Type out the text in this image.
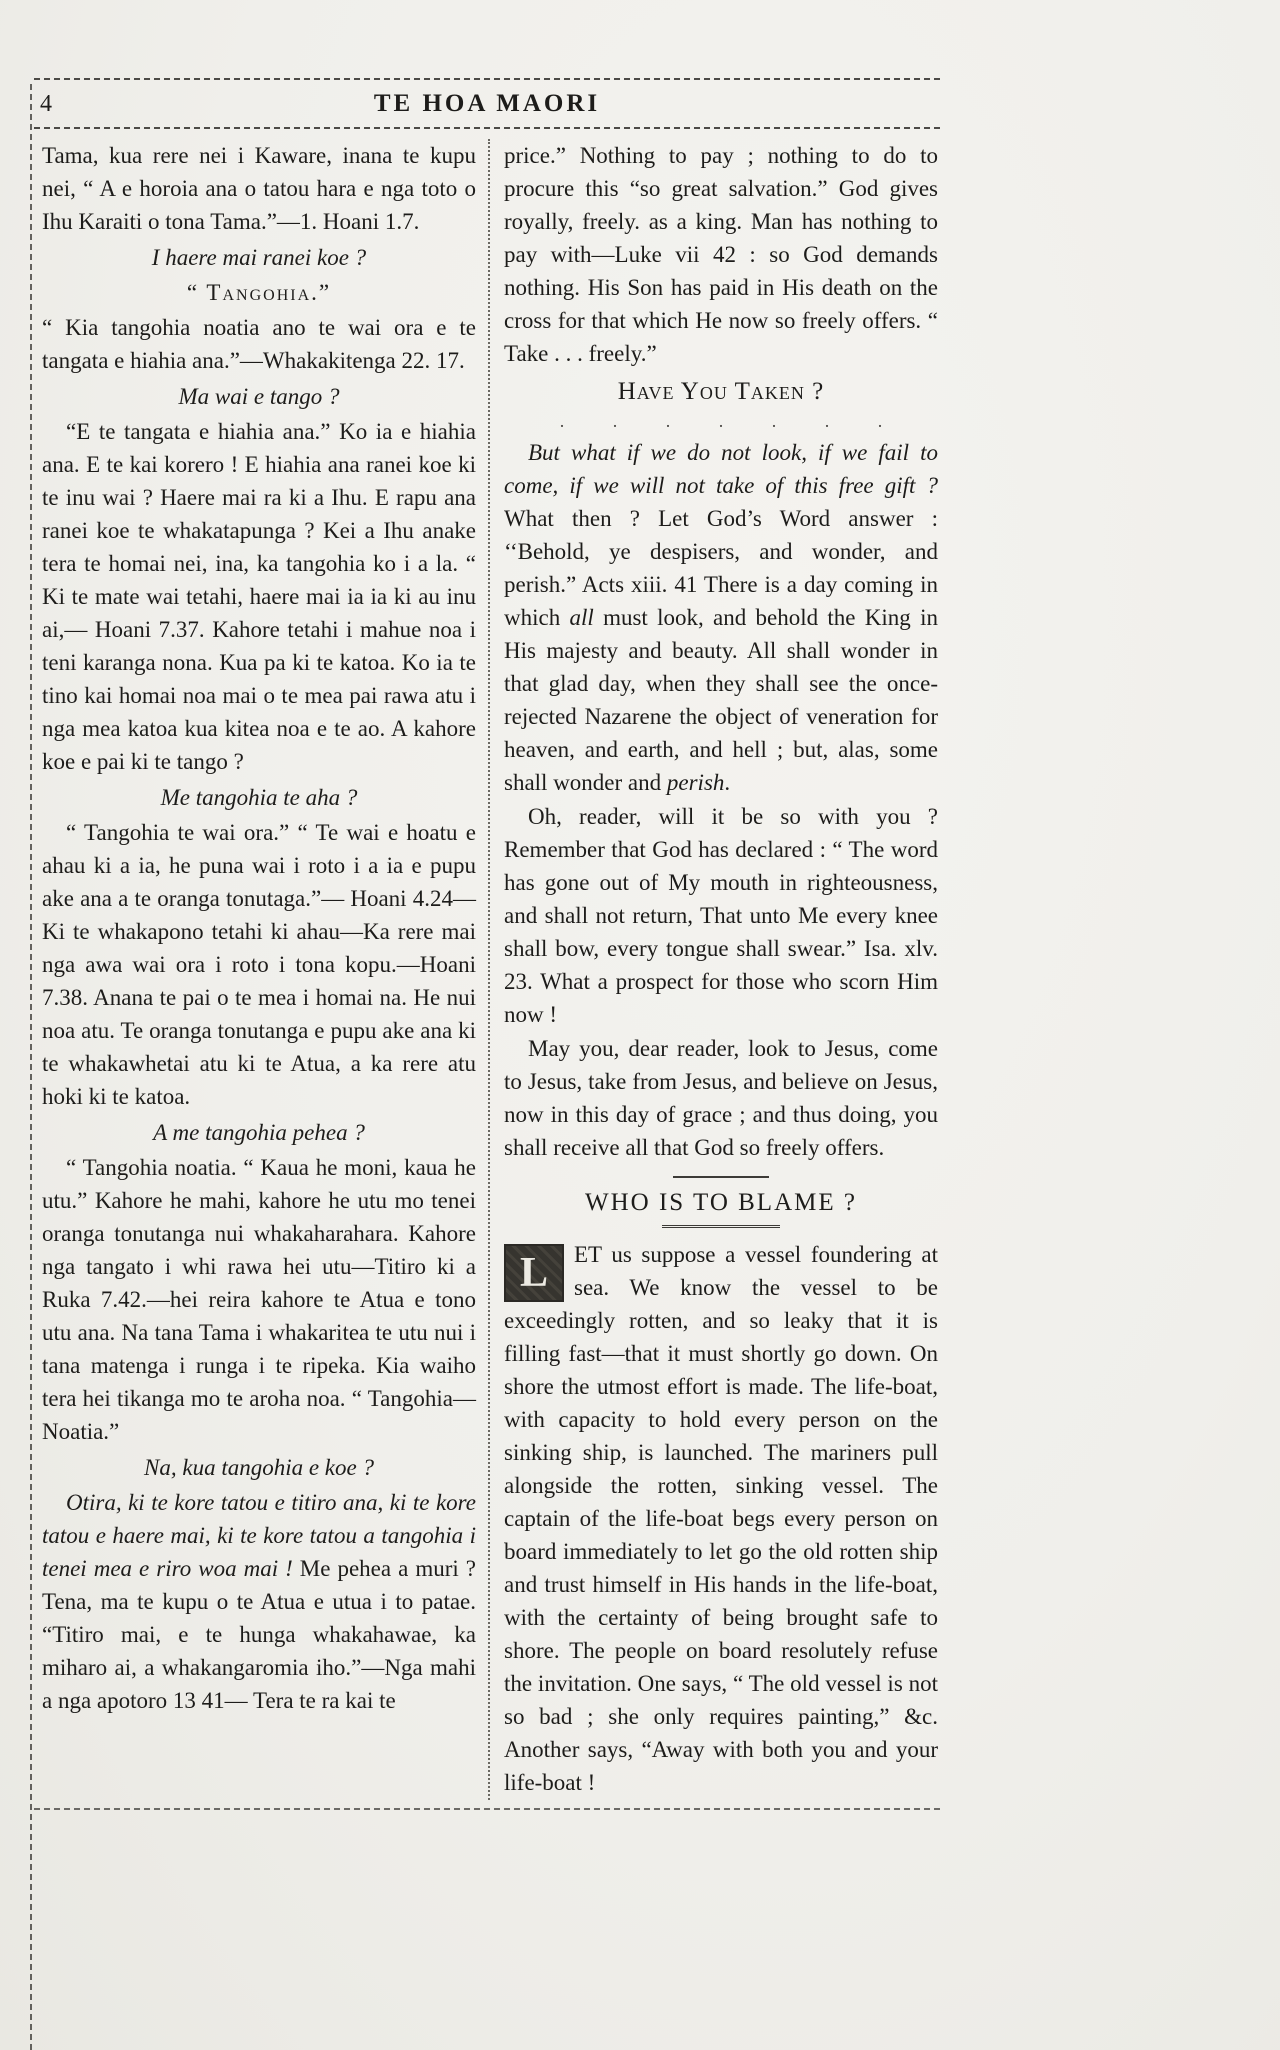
4	TE HOA MAORI

Tama, kua rere nei i Kaware, inana te kupu nei, “ A e horoia ana o tatou hara e nga toto o Ihu Karaiti o tona Tama.”—1. Hoani 1.7.

I haere mai ranei koe ?
“ Tangohia.”

“ Kia tangohia noatia ano te wai ora e te tangata e hiahia ana.”—Whakakitenga 22. 17.

Ma wai e tango ?

“E te tangata e hiahia ana.” Ko ia e hiahia ana. E te kai korero ! E hiahia ana ranei koe ki te inu wai ? Haere mai ra ki a Ihu. E rapu ana ranei koe te whakatapunga ? Kei a Ihu anake tera te homai nei, ina, ka tangohia ko i a la. “ Ki te mate wai tetahi, haere mai ia ia ki au inu ai,— Hoani 7.37. Kahore tetahi i mahue noa i teni karanga nona. Kua pa ki te katoa. Ko ia te tino kai homai noa mai o te mea pai rawa atu i nga mea katoa kua kitea noa e te ao. A kahore koe e pai ki te tango ?

Me tangohia te aha ?

“ Tangohia te wai ora.” “ Te wai e hoatu e ahau ki a ia, he puna wai i roto i a ia e pupu ake ana a te oranga tonutaga.”— Hoani 4.24—Ki te whakapono tetahi ki ahau—Ka rere mai nga awa wai ora i roto i tona kopu.—Hoani 7.38. Anana te pai o te mea i homai na. He nui noa atu. Te oranga tonutanga e pupu ake ana ki te whakawhetai atu ki te Atua, a ka rere atu hoki ki te katoa.

A me tangohia pehea ?

“ Tangohia noatia. “ Kaua he moni, kaua he utu.” Kahore he mahi, kahore he utu mo tenei oranga tonutanga nui whakaharahara. Kahore nga tangato i whi rawa hei utu—Titiro ki a Ruka 7.42.—hei reira kahore te Atua e tono utu ana. Na tana Tama i whakaritea te utu nui i tana matenga i runga i te ripeka. Kia waiho tera hei tikanga mo te aroha noa. “ Tangohia—Noatia.”

Na, kua tangohia e koe ?

Otira, ki te kore tatou e titiro ana, ki te kore tatou e haere mai, ki te kore tatou a tangohia i tenei mea e riro woa mai ! Me pehea a muri ? Tena, ma te kupu o te Atua e utua i to patae. “Titiro mai, e te hunga whakahawae, ka miharo ai, a whakangaromia iho.”—Nga mahi a nga apotoro 13 41— Tera te ra kai te

price.” Nothing to pay ; nothing to do to procure this “so great salvation.” God gives royally, freely. as a king. Man has nothing to pay with—Luke vii 42 : so God demands nothing. His Son has paid in His death on the cross for that which He now so freely offers. “ Take . . . freely.”

Have You Taken ?
. . . . . . .

But what if we do not look, if we fail to come, if we will not take of this free gift ? What then ? Let God’s Word answer : ‘‘Behold, ye despisers, and wonder, and perish.” Acts xiii. 41 There is a day coming in which all must look, and behold the King in His majesty and beauty. All shall wonder in that glad day, when they shall see the once-rejected Nazarene the object of veneration for heaven, and earth, and hell ; but, alas, some shall wonder and perish.

Oh, reader, will it be so with you ? Remember that God has declared : “ The word has gone out of My mouth in righteousness, and shall not return, That unto Me every knee shall bow, every tongue shall swear.” Isa. xlv. 23. What a prospect for those who scorn Him now !

May you, dear reader, look to Jesus, come to Jesus, take from Jesus, and believe on Jesus, now in this day of grace ; and thus doing, you shall receive all that God so freely offers.

WHO IS TO BLAME ?

L	ET us suppose a vessel foundering at sea. We know the vessel to be exceedingly rotten, and so leaky that it is filling fast—that it must shortly go down. On shore the utmost effort is made. The life-boat, with capacity to hold every person on the sinking ship, is launched. The mariners pull alongside the rotten, sinking vessel. The captain of the life-boat begs every person on board immediately to let go the old rotten ship and trust himself in His hands in the life-boat, with the certainty of being brought safe to shore. The people on board resolutely refuse the invitation. One says, “ The old vessel is not so bad ; she only requires painting,” &c. Another says, “Away with both you and your life-boat !
